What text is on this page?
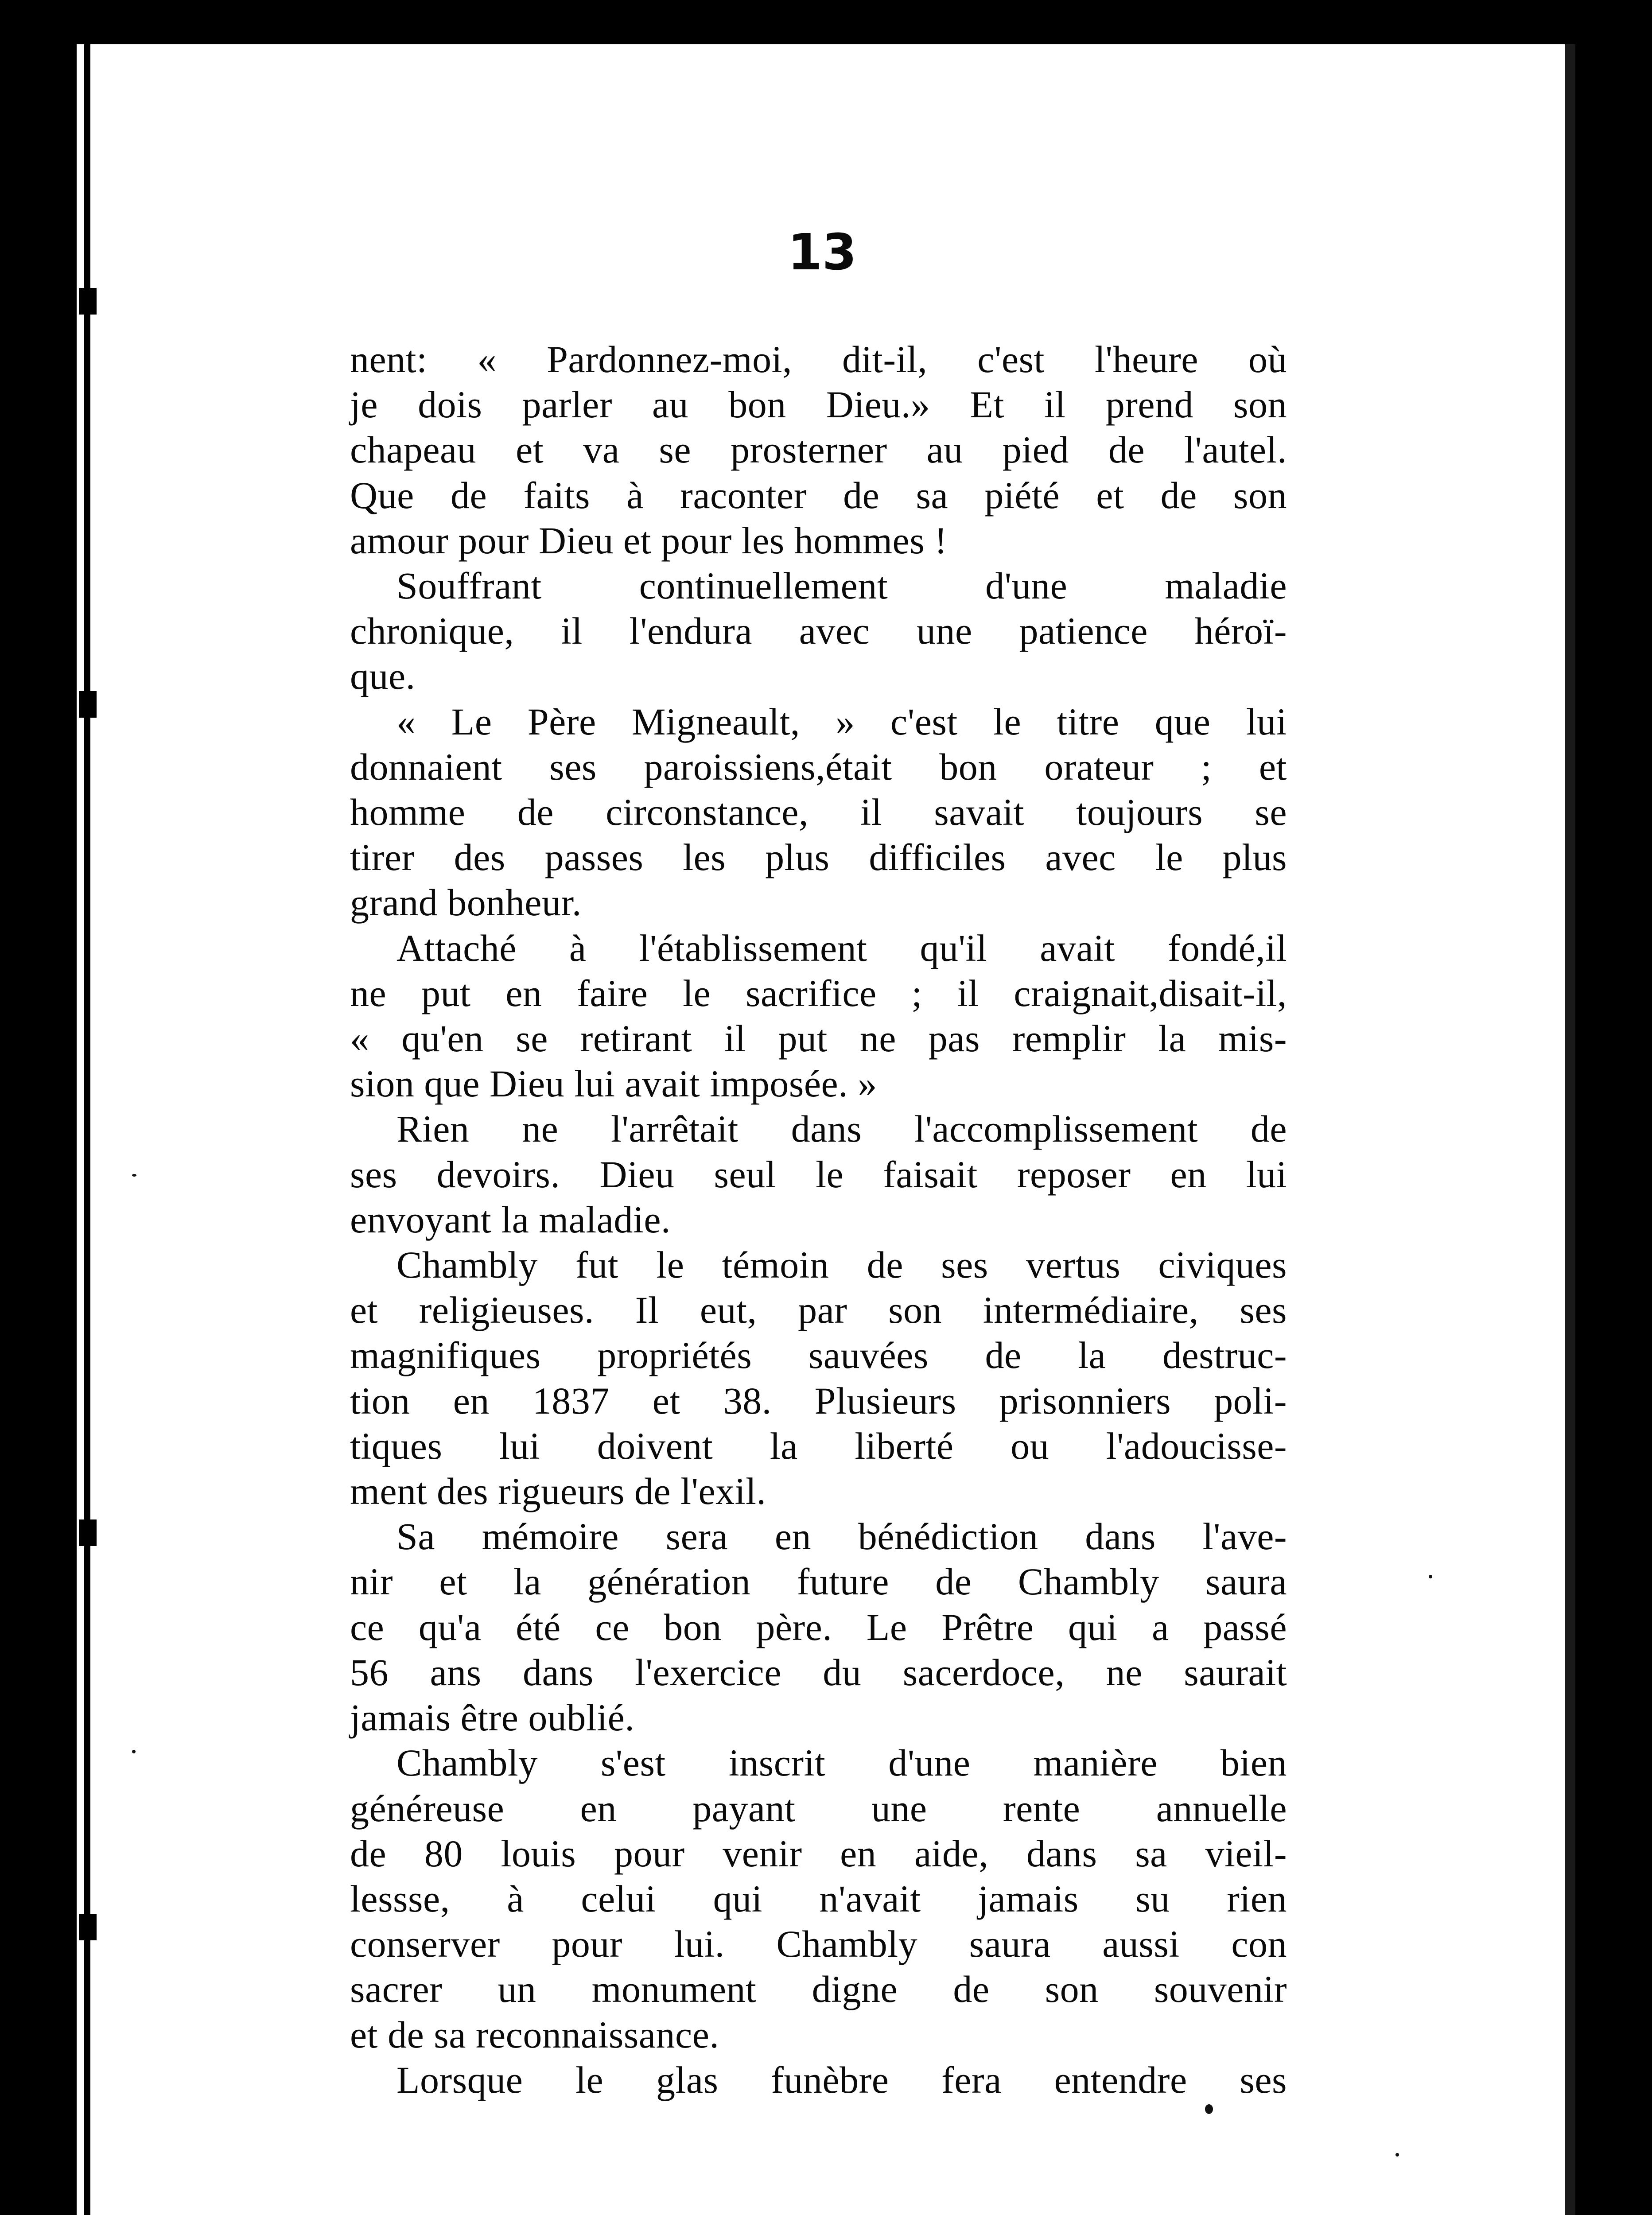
13
nent: « Pardonnez-moi, dit-il, c'est l'heure où
je dois parler au bon Dieu.» Et il prend son
chapeau et va se prosterner au pied de l'autel.
Que de faits à raconter de sa piété et de son
amour pour Dieu et pour les hommes !
Souffrant continuellement d'une maladie
chronique, il l'endura avec une patience héroï-
que.
« Le Père Migneault, » c'est le titre que lui
donnaient ses paroissiens,était bon orateur ; et
homme de circonstance, il savait toujours se
tirer des passes les plus difficiles avec le plus
grand bonheur.
Attaché à l'établissement qu'il avait fondé,il
ne put en faire le sacrifice ; il craignait,disait-il,
« qu'en se retirant il put ne pas remplir la mis-
sion que Dieu lui avait imposée. »
Rien ne l'arrêtait dans l'accomplissement de
ses devoirs. Dieu seul le faisait reposer en lui
envoyant la maladie.
Chambly fut le témoin de ses vertus civiques
et religieuses. Il eut, par son intermédiaire, ses
magnifiques propriétés sauvées de la destruc-
tion en 1837 et 38. Plusieurs prisonniers poli-
tiques lui doivent la liberté ou l'adoucisse-
ment des rigueurs de l'exil.
Sa mémoire sera en bénédiction dans l'ave-
nir et la génération future de Chambly saura
ce qu'a été ce bon père. Le Prêtre qui a passé
56 ans dans l'exercice du sacerdoce, ne saurait
jamais être oublié.
Chambly s'est inscrit d'une manière bien
généreuse en payant une rente annuelle
de 80 louis pour venir en aide, dans sa vieil-
lessse, à celui qui n'avait jamais su rien
conserver pour lui. Chambly saura aussi con
sacrer un monument digne de son souvenir
et de sa reconnaissance.
Lorsque le glas funèbre fera entendre ses
